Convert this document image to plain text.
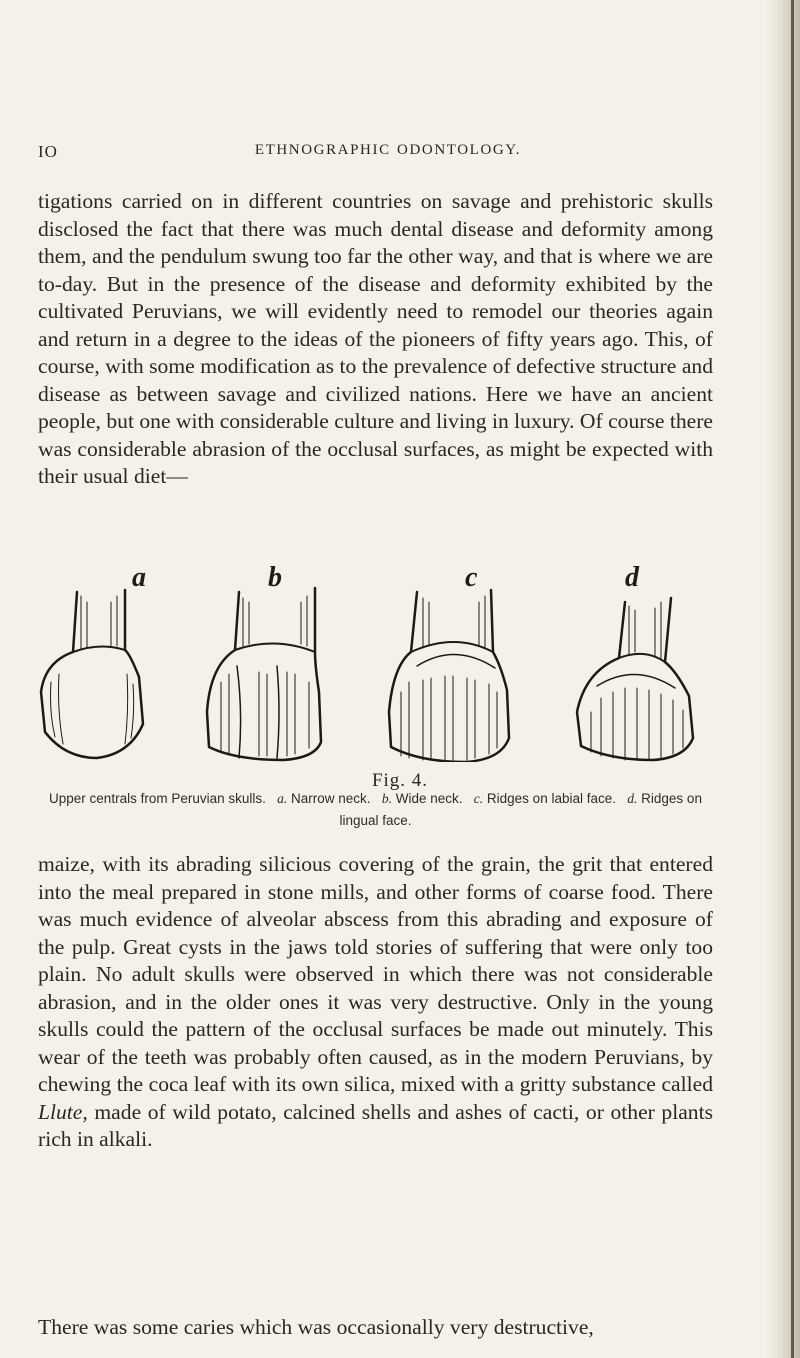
IO	ETHNOGRAPHIC ODONTOLOGY.

tigations carried on in different countries on savage and prehistoric skulls disclosed the fact that there was much dental disease and deformity among them, and the pendulum swung too far the other way, and that is where we are to-day. But in the presence of the disease and deformity exhibited by the cultivated Peruvians, we will evidently need to remodel our theories again and return in a degree to the ideas of the pioneers of fifty years ago. This, of course, with some modification as to the prevalence of defective structure and disease as between savage and civilized nations. Here we have an ancient people, but one with considerable culture and living in luxury. Of course there was considerable abrasion of the occlusal surfaces, as might be expected with their usual diet—

a	b	c	d
Fig. 4.
Upper centrals from Peruvian skulls. a. Narrow neck. b. Wide neck. c. Ridges on labial face. d. Ridges on lingual face.

maize, with its abrading silicious covering of the grain, the grit that entered into the meal prepared in stone mills, and other forms of coarse food. There was much evidence of alveolar abscess from this abrading and exposure of the pulp. Great cysts in the jaws told stories of suffering that were only too plain. No adult skulls were observed in which there was not considerable abrasion, and in the older ones it was very destructive. Only in the young skulls could the pattern of the occlusal surfaces be made out minutely. This wear of the teeth was probably often caused, as in the modern Peruvians, by chewing the coca leaf with its own silica, mixed with a gritty substance called Llute, made of wild potato, calcined shells and ashes of cacti, or other plants rich in alkali.

There was some caries which was occasionally very destructive,
